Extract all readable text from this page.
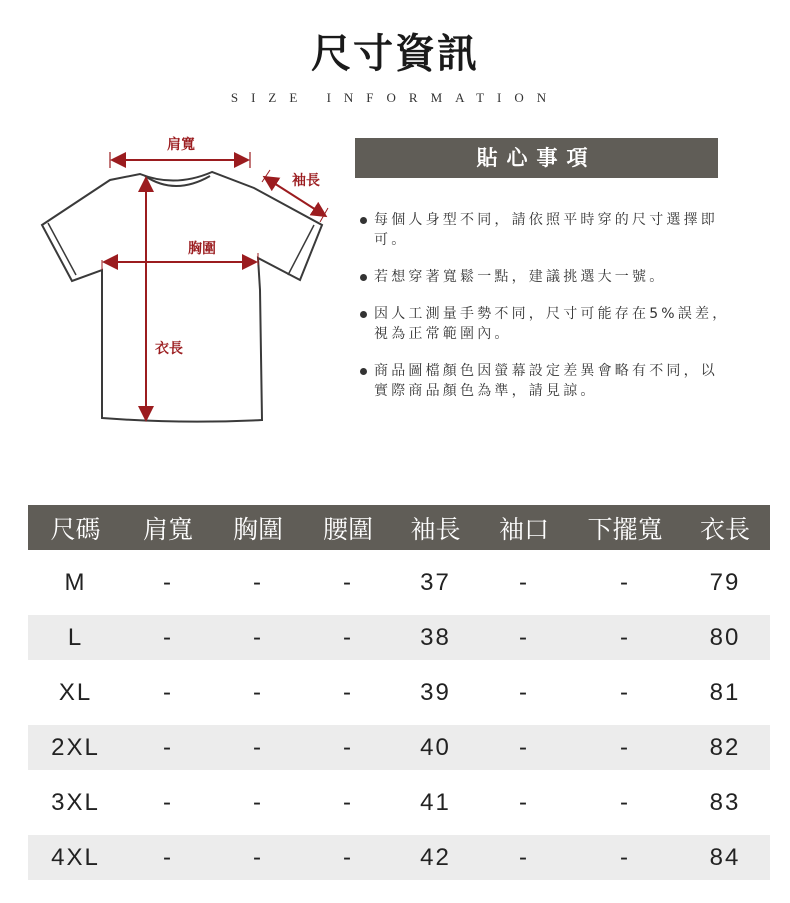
尺寸資訊
SIZE INFORMATION
肩寬
袖長
胸圍
衣長
貼心事項
每個人身型不同，請依照平時穿的尺寸選擇即可。
若想穿著寬鬆一點，建議挑選大一號。
因人工測量手勢不同，尺寸可能存在5%誤差，視為正常範圍內。
商品圖檔顏色因螢幕設定差異會略有不同，以實際商品顏色為準，請見諒。
尺碼	肩寬	胸圍	腰圍	袖長	袖口	下擺寬	衣長
M	-	-	-	37	-	-	79
L	-	-	-	38	-	-	80
XL	-	-	-	39	-	-	81
2XL	-	-	-	40	-	-	82
3XL	-	-	-	41	-	-	83
4XL	-	-	-	42	-	-	84
